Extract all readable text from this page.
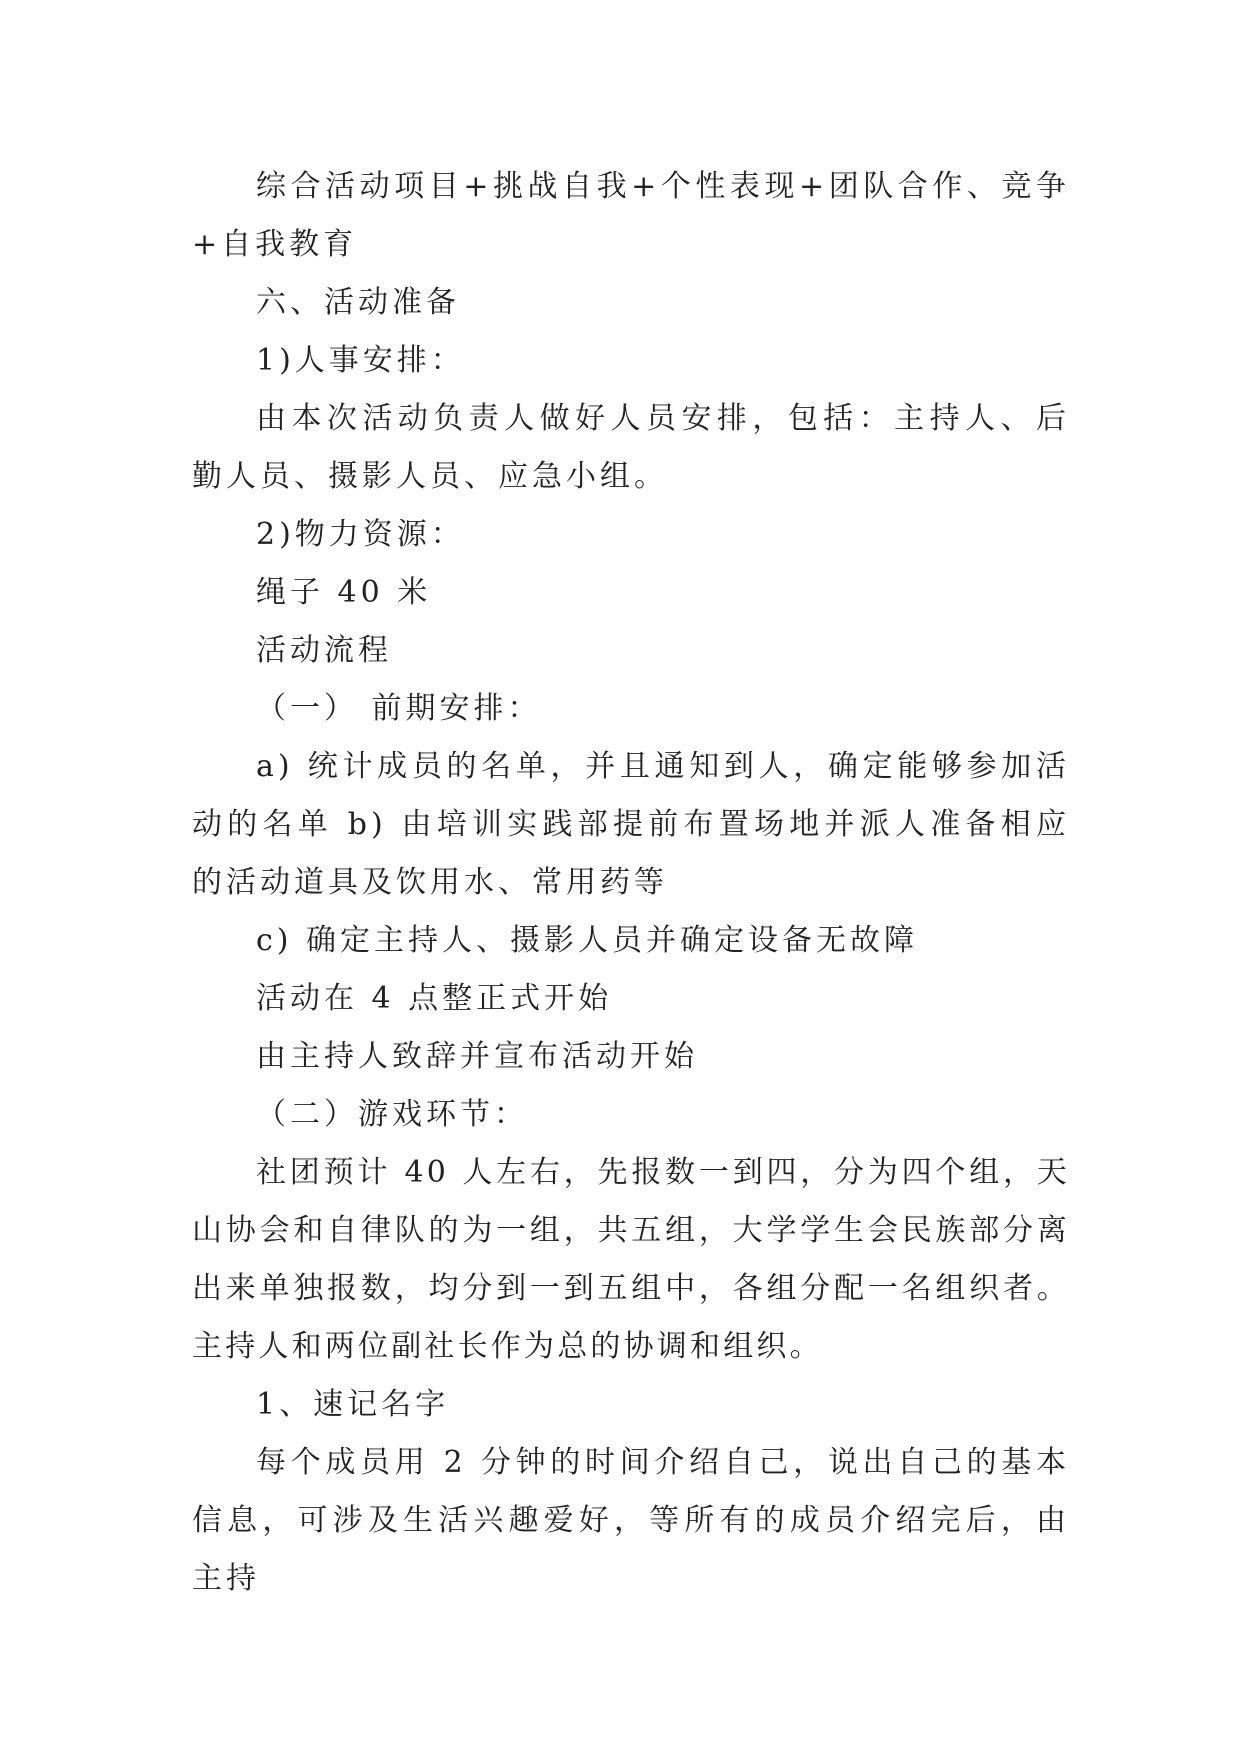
综合活动项目+挑战自我+个性表现+团队合作、竞争+自我教育

六、活动准备

1)人事安排：

由本次活动负责人做好人员安排，包括：主持人、后勤人员、摄影人员、应急小组。

2)物力资源：

绳子 40 米

活动流程

（一） 前期安排：

a) 统计成员的名单，并且通知到人，确定能够参加活动的名单 b) 由培训实践部提前布置场地并派人准备相应的活动道具及饮用水、常用药等

c) 确定主持人、摄影人员并确定设备无故障

活动在 4 点整正式开始

由主持人致辞并宣布活动开始

（二）游戏环节：

社团预计 40 人左右，先报数一到四，分为四个组，天山协会和自律队的为一组，共五组，大学学生会民族部分离出来单独报数，均分到一到五组中，各组分配一名组织者。主持人和两位副社长作为总的协调和组织。

1、速记名字

每个成员用 2 分钟的时间介绍自己，说出自己的基本信息，可涉及生活兴趣爱好，等所有的成员介绍完后，由主持
